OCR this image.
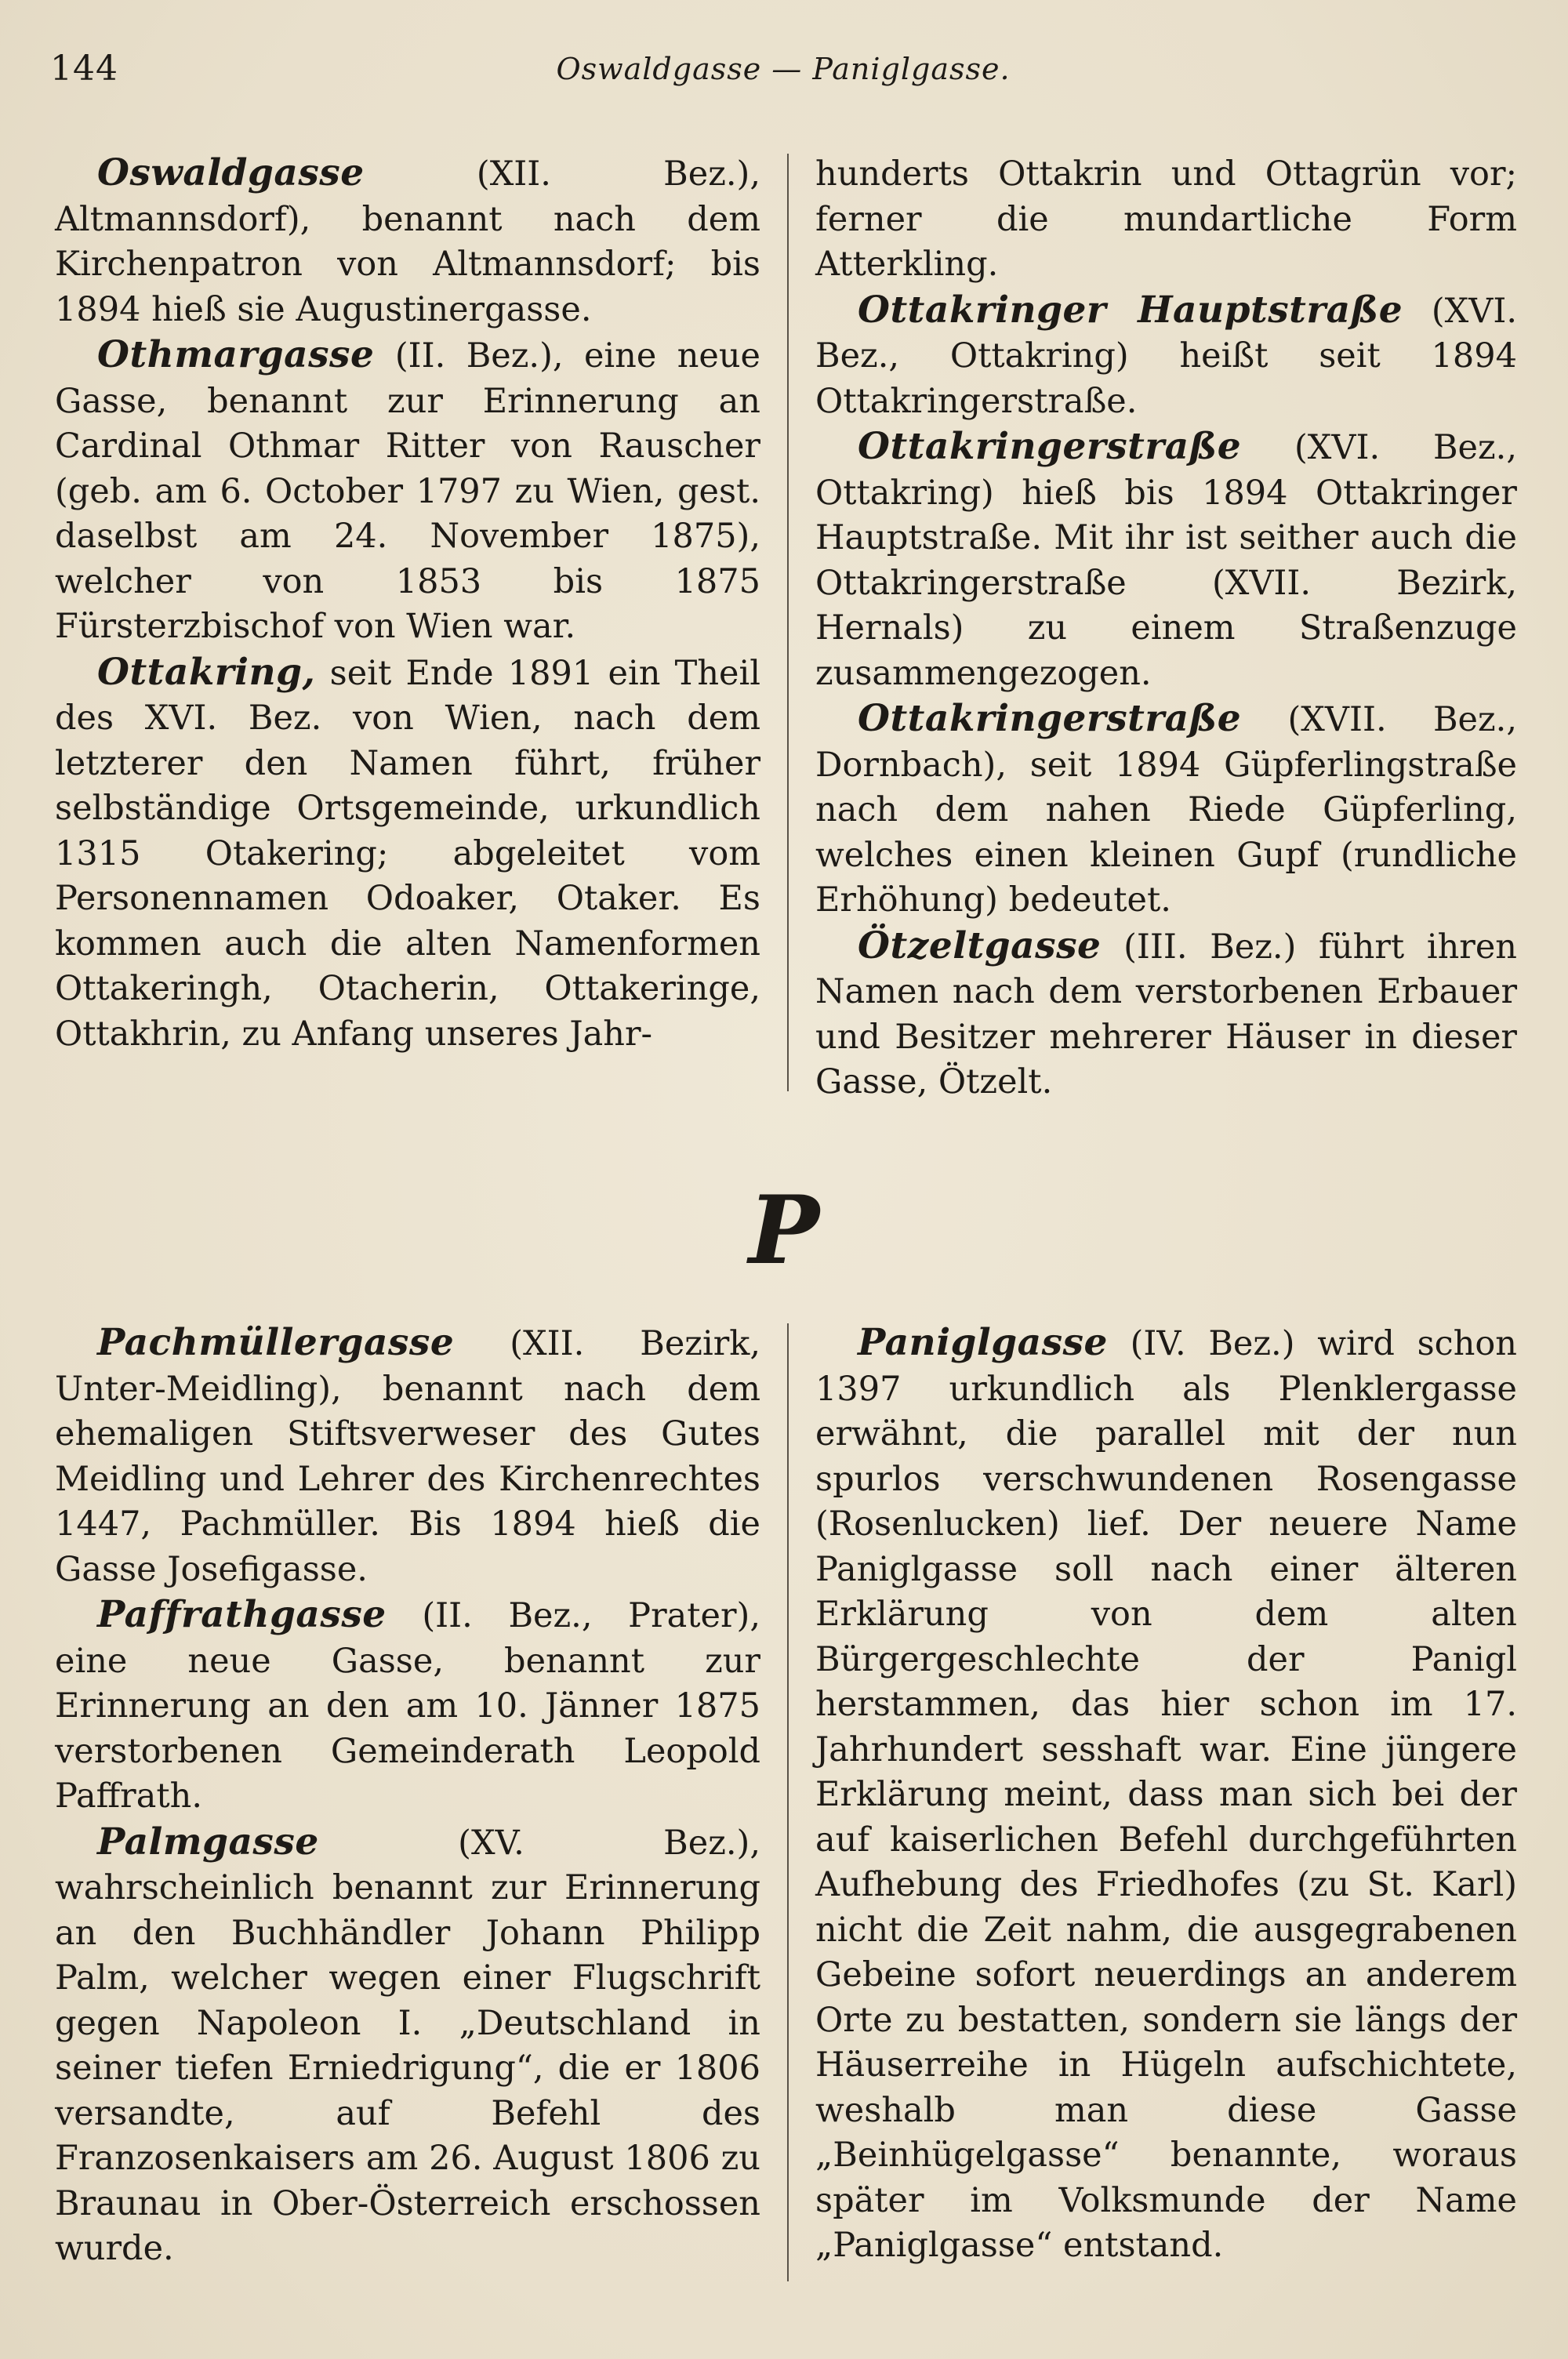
144	Oswaldgasse — Paniglgasse.

Oswaldgasse (XII. Bez.), Altmannsdorf), benannt nach dem Kirchenpatron von Altmannsdorf; bis 1894 hieß sie Augustinergasse.

Othmargasse (II. Bez.), eine neue Gasse, benannt zur Erinnerung an Cardinal Othmar Ritter von Rauscher (geb. am 6. October 1797 zu Wien, gest. daselbst am 24. November 1875), welcher von 1853 bis 1875 Fürsterzbischof von Wien war.

Ottakring, seit Ende 1891 ein Theil des XVI. Bez. von Wien, nach dem letzterer den Namen führt, früher selbständige Ortsgemeinde, urkundlich 1315 Otakering; abgeleitet vom Personennamen Odoaker, Otaker. Es kommen auch die alten Namenformen Ottakeringh, Otacherin, Ottakeringe, Ottakhrin, zu Anfang unseres Jahr-

hunderts Ottakrin und Ottagrün vor; ferner die mundartliche Form Atterkling.

Ottakringer Hauptstraße (XVI. Bez., Ottakring) heißt seit 1894 Ottakringerstraße.

Ottakringerstraße (XVI. Bez., Ottakring) hieß bis 1894 Ottakringer Hauptstraße. Mit ihr ist seither auch die Ottakringerstraße (XVII. Bezirk, Hernals) zu einem Straßenzuge zusammengezogen.

Ottakringerstraße (XVII. Bez., Dornbach), seit 1894 Güpferlingstraße nach dem nahen Riede Güpferling, welches einen kleinen Gupf (rundliche Erhöhung) bedeutet.

Ötzeltgasse (III. Bez.) führt ihren Namen nach dem verstorbenen Erbauer und Besitzer mehrerer Häuser in dieser Gasse, Ötzelt.

P

Pachmüllergasse (XII. Bezirk, Unter-Meidling), benannt nach dem ehemaligen Stiftsverweser des Gutes Meidling und Lehrer des Kirchenrechtes 1447, Pachmüller. Bis 1894 hieß die Gasse Josefigasse.

Paffrathgasse (II. Bez., Prater), eine neue Gasse, benannt zur Erinnerung an den am 10. Jänner 1875 verstorbenen Gemeinderath Leopold Paffrath.

Palmgasse (XV. Bez.), wahrscheinlich benannt zur Erinnerung an den Buchhändler Johann Philipp Palm, welcher wegen einer Flugschrift gegen Napoleon I. „Deutschland in seiner tiefen Erniedrigung“, die er 1806 versandte, auf Befehl des Franzosenkaisers am 26. August 1806 zu Braunau in Ober-Österreich erschossen wurde.

Paniglgasse (IV. Bez.) wird schon 1397 urkundlich als Plenklergasse erwähnt, die parallel mit der nun spurlos verschwundenen Rosengasse (Rosenlucken) lief. Der neuere Name Paniglgasse soll nach einer älteren Erklärung von dem alten Bürgergeschlechte der Panigl herstammen, das hier schon im 17. Jahrhundert sesshaft war. Eine jüngere Erklärung meint, dass man sich bei der auf kaiserlichen Befehl durchgeführten Aufhebung des Friedhofes (zu St. Karl) nicht die Zeit nahm, die ausgegrabenen Gebeine sofort neuerdings an anderem Orte zu bestatten, sondern sie längs der Häuserreihe in Hügeln aufschichtete, weshalb man diese Gasse „Beinhügelgasse“ benannte, woraus später im Volksmunde der Name „Paniglgasse“ entstand.
